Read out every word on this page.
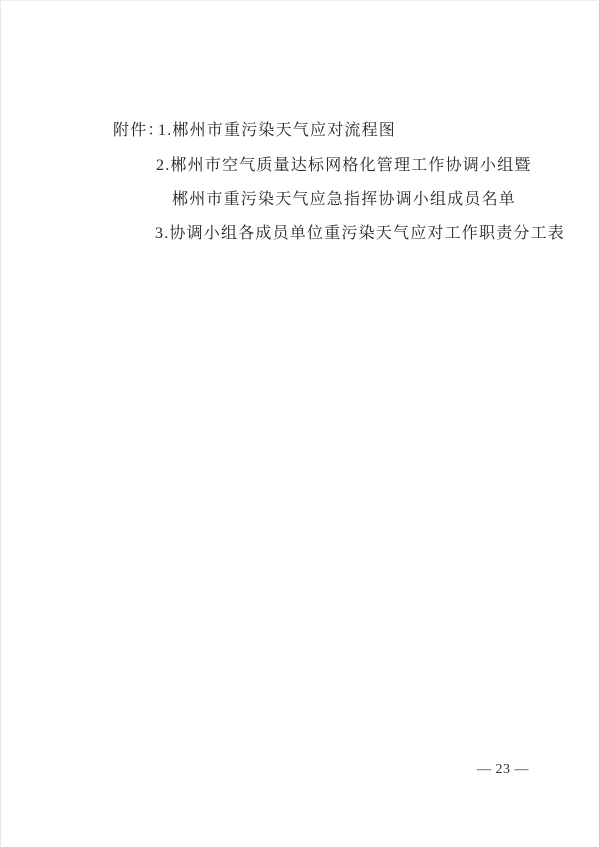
附件：
1.郴州市重污染天气应对流程图
2.郴州市空气质量达标网格化管理工作协调小组暨
郴州市重污染天气应急指挥协调小组成员名单
3.协调小组各成员单位重污染天气应对工作职责分工表
— 23 —
